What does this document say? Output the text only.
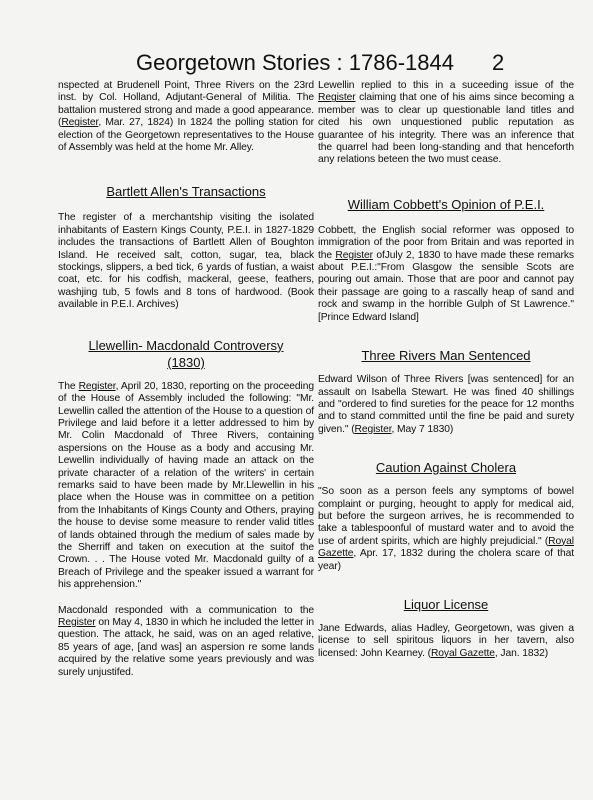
Georgetown Stories : 1786-1844	2

nspected at Brudenell Point, Three Rivers on the 23rd inst. by Col. Holland, Adjutant-General of Militia. The battalion mustered strong and made a good appearance. (Register, Mar. 27, 1824) In 1824 the polling station for election of the Georgetown representatives to the House of Assembly was held at the home Mr. Alley.

Bartlett Allen's Transactions

The register of a merchantship visiting the isolated inhabitants of Eastern Kings County, P.E.I. in 1827-1829 includes the transactions of Bartlett Allen of Boughton Island. He received salt, cotton, sugar, tea, black stockings, slippers, a bed tick, 6 yards of fustian, a waist coat, etc. for his codfish, mackeral, geese, feathers, washjing tub, 5 fowls and 8 tons of hardwood. (Book available in P.E.I. Archives)

Llewellin- Macdonald Controversy
(1830)

The Register, April 20, 1830, reporting on the proceeding of the House of Assembly included the following: "Mr. Lewellin called the attention of the House to a question of Privilege and laid before it a letter addressed to him by Mr. Colin Macdonald of Three Rivers, containing aspersions on the House as a body and accusing Mr. Lewellin individually of having made an attack on the private character of a relation of the writers' in certain remarks said to have been made by Mr.Llewellin in his place when the House was in committee on a petition from the Inhabitants of Kings County and Others, praying the house to devise some measure to render valid titles of lands obtained through the medium of sales made by the Sherriff and taken on execution at the suitof the Crown. . . The House voted Mr. Macdonald guilty of a Breach of Privilege and the speaker issued a warrant for his apprehension."

Macdonald responded with a communication to the Register on May 4, 1830 in which he included the letter in question. The attack, he said, was on an aged relative, 85 years of age, [and was] an aspersion re some lands acquired by the relative some years previously and was surely unjustifed.

Lewellin replied to this in a suceeding issue of the Register claiming that one of his aims since becoming a member was to clear up questionable land titles and cited his own unquestioned public reputation as guarantee of his integrity. There was an inference that the quarrel had been long-standing and that henceforth any relations beteen the two must cease.

William Cobbett's Opinion of P.E.I.

Cobbett, the English social reformer was opposed to immigration of the poor from Britain and was reported in the Register ofJuly 2, 1830 to have made these remarks about P.E.I.:"From Glasgow the sensible Scots are pouring out amain. Those that are poor and cannot pay their passage are going to a rascally heap of sand and rock and swamp in the horrible Gulph of St Lawrence." [Prince Edward Island]

Three Rivers Man Sentenced

Edward Wilson of Three Rivers [was sentenced] for an assault on Isabella Stewart. He was fined 40 shillings and "ordered to find sureties for the peace for 12 months and to stand committed until the fine be paid and surety given." (Register, May 7 1830)

Caution Against Cholera

"So soon as a person feels any symptoms of bowel complaint or purging, heought to apply for medical aid, but before the surgeon arrives, he is recommended to take a tablespoonful of mustard water and to avoid the use of ardent spirits, which are highly prejudicial." (Royal Gazette, Apr. 17, 1832 during the cholera scare of that year)

Liquor License

Jane Edwards, alias Hadley, Georgetown, was given a license to sell spiritous liquors in her tavern, also licensed: John Kearney. (Royal Gazette, Jan. 1832)
